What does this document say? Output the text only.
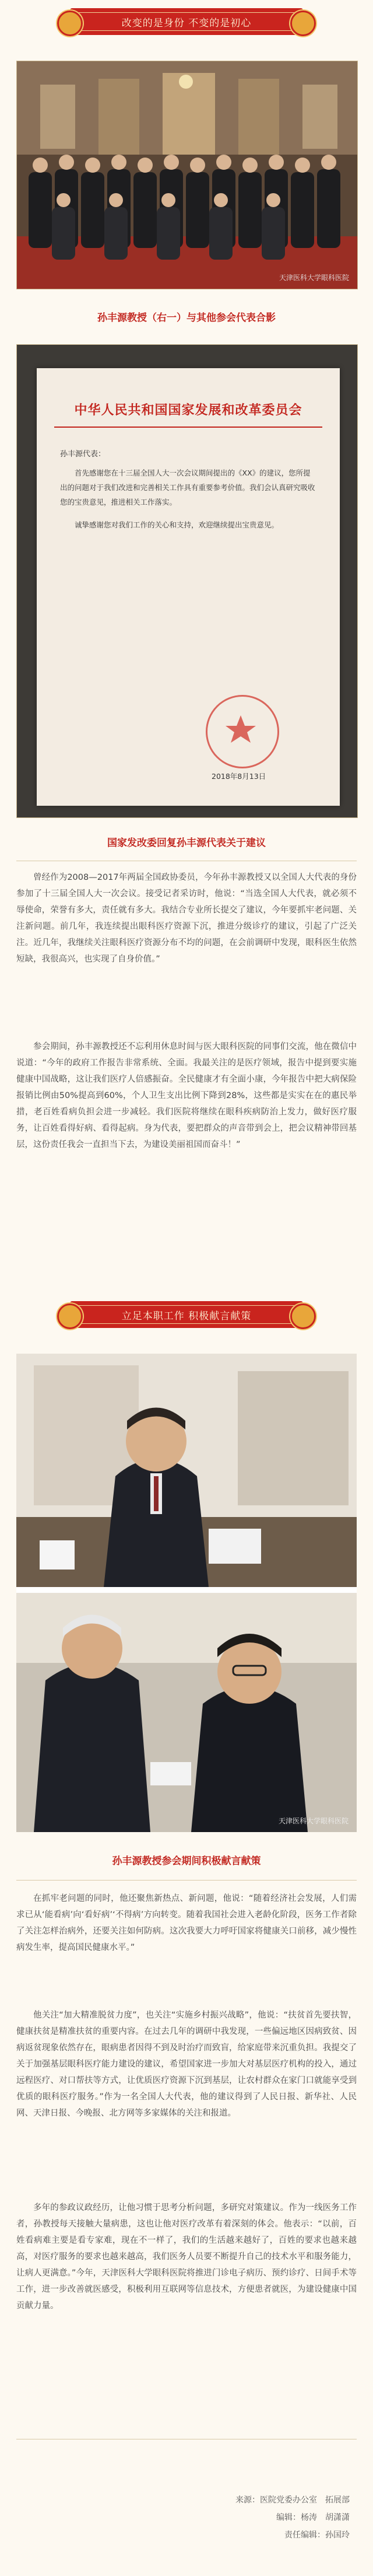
改变的是身份 不变的是初心
天津医科大学眼科医院
孙丰源教授（右一）与其他参会代表合影
中华人民共和国国家发展和改革委员会
孙丰源代表：
首先感谢您在十三届全国人大一次会议期间提出的《XX》的建议，您所提出的问题对于我们改进和完善相关工作具有重要参考价值。我们会认真研究吸收您的宝贵意见，推进相关工作落实。
诚挚感谢您对我们工作的关心和支持，欢迎继续提出宝贵意见。
2018年8月13日
国家发改委回复孙丰源代表关于建议

曾经作为2008—2017年两届全国政协委员，今年孙丰源教授又以全国人大代表的身份参加了十三届全国人大一次会议。接受记者采访时，他说：“当选全国人大代表，就必须不辱使命，荣誉有多大，责任就有多大。我结合专业所长提交了建议，今年要抓牢老问题、关注新问题。前几年，我连续提出眼科医疗资源下沉，推进分级诊疗的建议，引起了广泛关注。近几年，我继续关注眼科医疗资源分布不均的问题，在会前调研中发现，眼科医生依然短缺，我很高兴，也实现了自身价值。”

参会期间，孙丰源教授还不忘利用休息时间与医大眼科医院的同事们交流，他在微信中说道：“今年的政府工作报告非常系统、全面。我最关注的是医疗领域，报告中提到要实施健康中国战略，这让我们医疗人倍感振奋。全民健康才有全面小康，今年报告中把大病保险报销比例由50%提高到60%，个人卫生支出比例下降到28%，这些都是实实在在的惠民举措，老百姓看病负担会进一步减轻。我们医院将继续在眼科疾病防治上发力，做好医疗服务，让百姓看得好病、看得起病。身为代表，要把群众的声音带到会上，把会议精神带回基层，这份责任我会一直担当下去，为建设美丽祖国而奋斗！”

立足本职工作 积极献言献策
天津医科大学眼科医院
孙丰源教授参会期间积极献言献策

在抓牢老问题的同时，他还聚焦新热点、新问题，他说：“随着经济社会发展，人们需求已从‘能看病’向‘看好病’‘不得病’方向转变。随着我国社会进入老龄化阶段，医务工作者除了关注怎样治病外，还要关注如何防病。这次我要大力呼吁国家将健康关口前移，减少慢性病发生率，提高国民健康水平。”

他关注“加大精准脱贫力度”，也关注“实施乡村振兴战略”，他说：“扶贫首先要扶智，健康扶贫是精准扶贫的重要内容。在过去几年的调研中我发现，一些偏远地区因病致贫、因病返贫现象依然存在，眼病患者因得不到及时治疗而致盲，给家庭带来沉重负担。我提交了关于加强基层眼科医疗能力建设的建议，希望国家进一步加大对基层医疗机构的投入，通过远程医疗、对口帮扶等方式，让优质医疗资源下沉到基层，让农村群众在家门口就能享受到优质的眼科医疗服务。”作为一名全国人大代表，他的建议得到了人民日报、新华社、人民网、天津日报、今晚报、北方网等多家媒体的关注和报道。

多年的参政议政经历，让他习惯于思考分析问题，多研究对策建议。作为一线医务工作者，孙教授每天接触大量病患，这也让他对医疗改革有着深刻的体会。他表示：“以前，百姓看病难主要是看专家难，现在不一样了，我们的生活越来越好了，百姓的要求也越来越高，对医疗服务的要求也越来越高，我们医务人员要不断提升自己的技术水平和服务能力，让病人更满意。”今年，天津医科大学眼科医院将推进门诊电子病历、预约诊疗、日间手术等工作，进一步改善就医感受，积极利用互联网等信息技术，方便患者就医，为建设健康中国贡献力量。

来源：医院党委办公室　拓展部
编辑：杨涛　胡潇潇
责任编辑：孙国玲
